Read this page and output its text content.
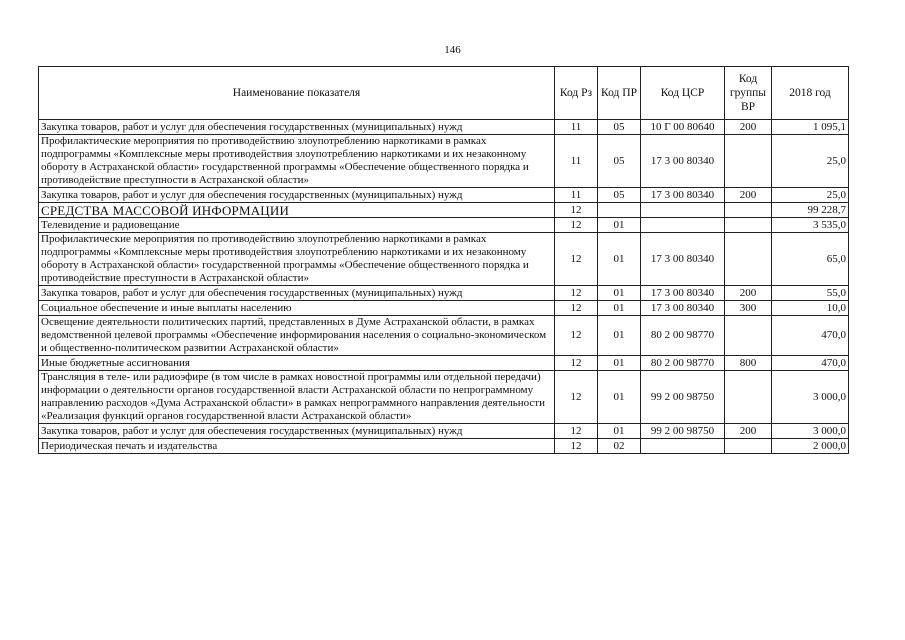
146
Наименование показателя	Код Рз	Код ПР	Код ЦСР	Код группы ВР	2018 год
Закупка товаров, работ и услуг для обеспечения государственных (муниципальных) нужд	11	05	10 Г 00 80640	200	1 095,1
Профилактические мероприятия по противодействию злоупотреблению наркотиками в рамках подпрограммы «Комплексные меры противодействия злоупотреблению наркотиками и их незаконному обороту в Астраханской области» государственной программы «Обеспечение общественного порядка и противодействие преступности в Астраханской области»	11	05	17 3 00 80340		25,0
Закупка товаров, работ и услуг для обеспечения государственных (муниципальных) нужд	11	05	17 3 00 80340	200	25,0
СРЕДСТВА МАССОВОЙ ИНФОРМАЦИИ	12				99 228,7
Телевидение и радиовещание	12	01			3 535,0
Профилактические мероприятия по противодействию злоупотреблению наркотиками в рамках подпрограммы «Комплексные меры противодействия злоупотреблению наркотиками и их незаконному обороту в Астраханской области» государственной программы «Обеспечение общественного порядка и противодействие преступности в Астраханской области»	12	01	17 3 00 80340		65,0
Закупка товаров, работ и услуг для обеспечения государственных (муниципальных) нужд	12	01	17 3 00 80340	200	55,0
Социальное обеспечение и иные выплаты населению	12	01	17 3 00 80340	300	10,0
Освещение деятельности политических партий, представленных в Думе Астраханской области, в рамках ведомственной целевой программы «Обеспечение информирования населения о социально-экономическом и общественно-политическом развитии Астраханской области»	12	01	80 2 00 98770		470,0
Иные бюджетные ассигнования	12	01	80 2 00 98770	800	470,0
Трансляция в теле- или радиоэфире (в том числе в рамках новостной программы или отдельной передачи) информации о деятельности органов государственной власти Астраханской области по непрограммному направлению расходов «Дума Астраханской области» в рамках непрограммного направления деятельности «Реализация функций органов государственной власти Астраханской области»	12	01	99 2 00 98750		3 000,0
Закупка товаров, работ и услуг для обеспечения государственных (муниципальных) нужд	12	01	99 2 00 98750	200	3 000,0
Периодическая печать и издательства	12	02			2 000,0
